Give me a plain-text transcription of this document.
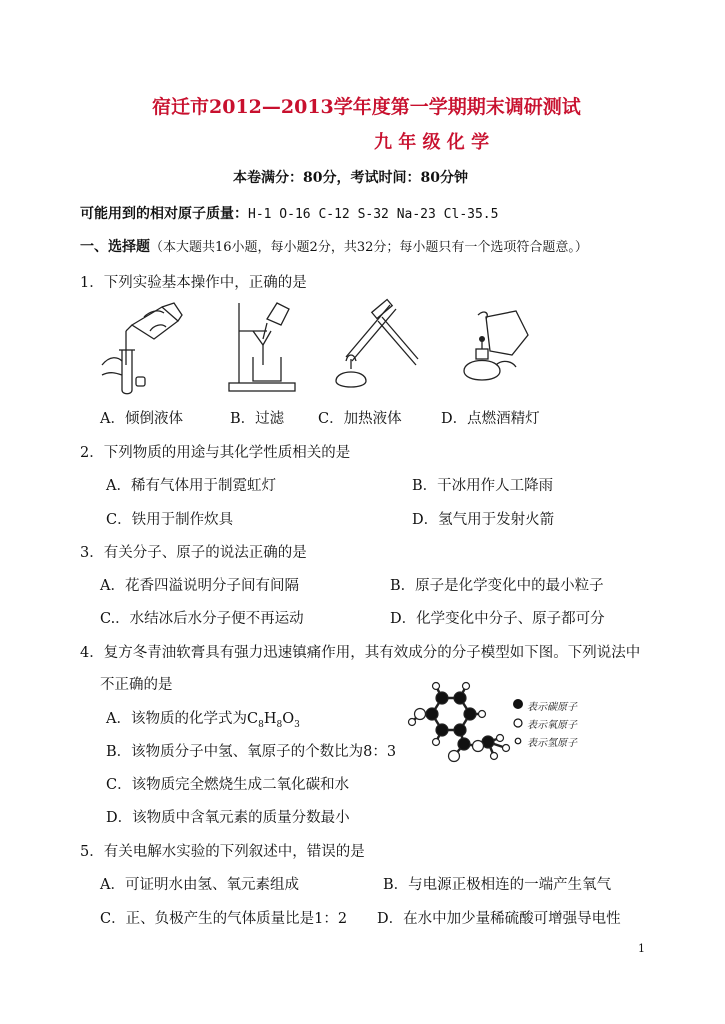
宿迁市2012—2013学年度第一学期期末调研测试
九 年 级 化 学
本卷满分：80分，考试时间：80分钟
可能用到的相对原子质量：H-1 O-16 C-12 S-32 Na-23 Cl-35.5
一、选择题（本大题共16小题，每小题2分，共32分；每小题只有一个选项符合题意。）
1．下列实验基本操作中，正确的是
A．倾倒液体	B．过滤 C．加热液体	D．点燃酒精灯
2．下列物质的用途与其化学性质相关的是
A．稀有气体用于制霓虹灯	B．干冰用作人工降雨
C．铁用于制作炊具	D．氢气用于发射火箭
3．有关分子、原子的说法正确的是
A．花香四溢说明分子间有间隔	B．原子是化学变化中的最小粒子
C.．水结冰后水分子便不再运动	D．化学变化中分子、原子都可分
4．复方冬青油软膏具有强力迅速镇痛作用，其有效成分的分子模型如下图。下列说法中
不正确的是
A．该物质的化学式为$C_8H_8O_3$
B．该物质分子中氢、氧原子的个数比为8：3
C．该物质完全燃烧生成二氧化碳和水
D．该物质中含氧元素的质量分数最小
表示碳原子
表示氧原子
表示氢原子
5．有关电解水实验的下列叙述中，错误的是
A．可证明水由氢、氧元素组成	B．与电源正极相连的一端产生氧气
C．正、负极产生的气体质量比是1：2 D．在水中加少量稀硫酸可增强导电性
1
